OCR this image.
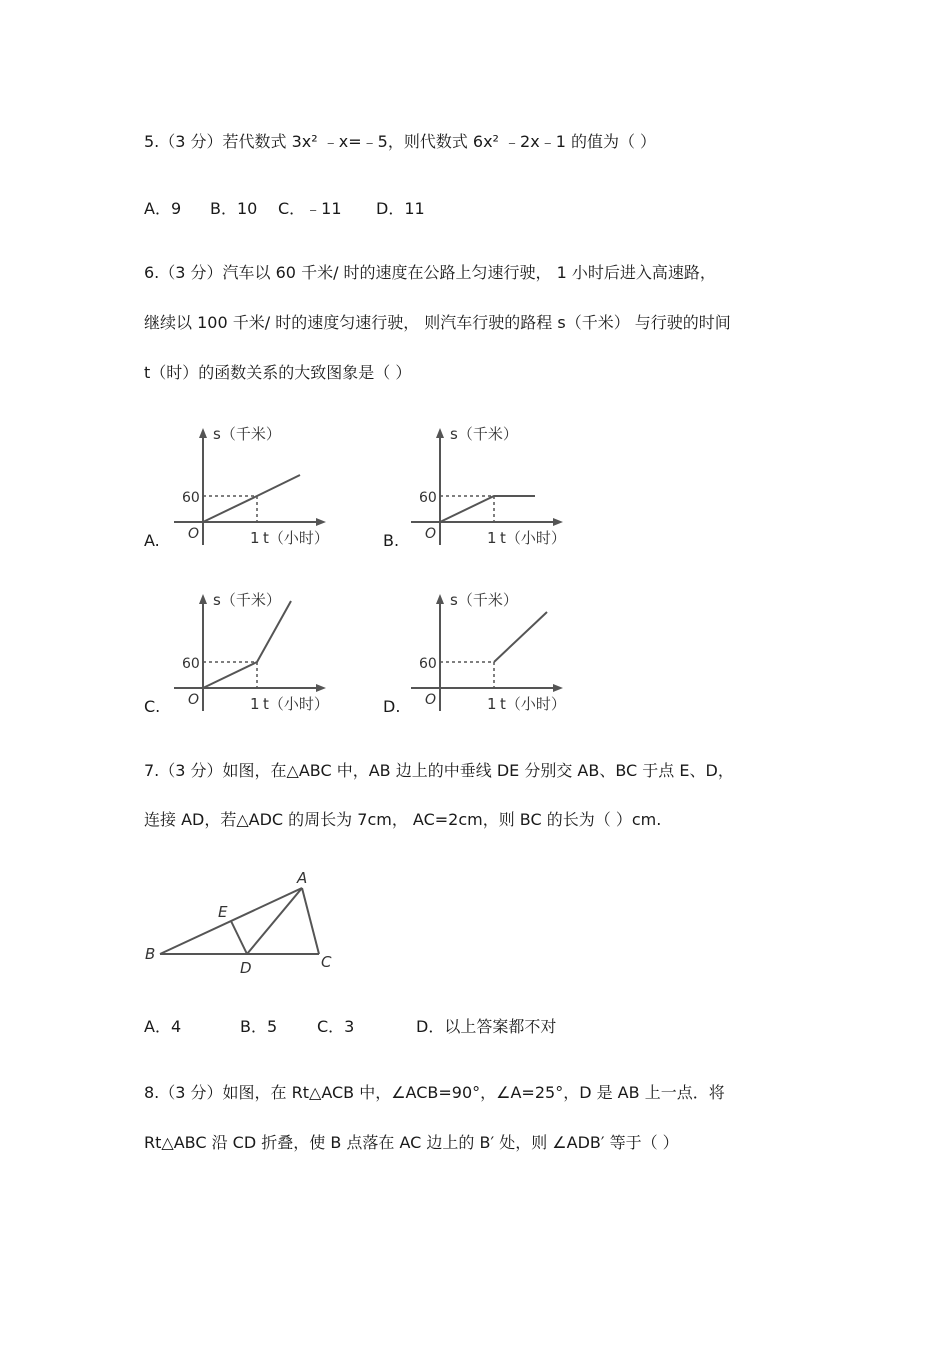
5.（3 分）若代数式 3x² ﹣x=﹣5，则代数式 6x² ﹣2x﹣1 的值为（ ）
A．9 B．10 C．﹣11 D．11
6.（3 分）汽车以 60 千米/ 时的速度在公路上匀速行驶， 1 小时后进入高速路，
继续以 100 千米/ 时的速度匀速行驶， 则汽车行驶的路程 s（千米） 与行驶的时间
t（时）的函数关系的大致图象是（ ）
A.
s（千米）
60
O	1 t（小时）	B.
s（千米）
60
O	1 t（小时）
C.
s（千米）
60
O	1 t（小时）	D.
s（千米）
60
O	1 t（小时）
7.（3 分）如图，在△ABC 中，AB 边上的中垂线 DE 分别交 AB、BC 于点 E、D，
连接 AD，若△ADC 的周长为 7cm， AC=2cm，则 BC 的长为（ ）cm.
A
B	C
D
E
A．4	B．5 C．3	D．以上答案都不对
8.（3 分）如图，在 Rt△ACB 中，∠ACB=90°，∠A=25°，D 是 AB 上一点．将
Rt△ABC 沿 CD 折叠，使 B 点落在 AC 边上的 B′ 处，则 ∠ADB′ 等于（ ）
